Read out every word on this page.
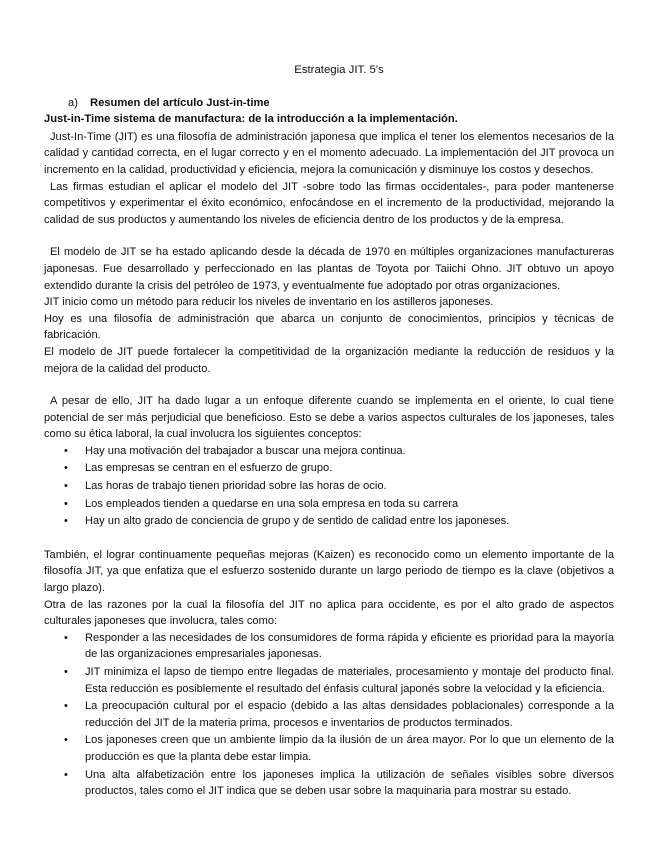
Estrategia JIT. 5's
a) Resumen del artículo Just-in-time
Just-in-Time sistema de manufactura: de la introducción a la implementación.

Just-In-Time (JIT) es una filosofía de administración japonesa que implica el tener los elementos necesarios de la calidad y cantidad correcta, en el lugar correcto y en el momento adecuado. La implementación del JIT provoca un incremento en la calidad, productividad y eficiencia, mejora la comunicación y disminuye los costos y desechos.

Las firmas estudian el aplicar el modelo del JIT -sobre todo las firmas occidentales-, para poder mantenerse competitivos y experimentar el éxito económico, enfocándose en el incremento de la productividad, mejorando la calidad de sus productos y aumentando los niveles de eficiencia dentro de los productos y de la empresa.

El modelo de JIT se ha estado aplicando desde la década de 1970 en múltiples organizaciones manufactureras japonesas. Fue desarrollado y perfeccionado en las plantas de Toyota por Taiichi Ohno. JIT obtuvo un apoyo extendido durante la crisis del petróleo de 1973, y eventualmente fue adoptado por otras organizaciones.

JIT inicio como un método para reducir los niveles de inventario en los astilleros japoneses.

Hoy es una filosofía de administración que abarca un conjunto de conocimientos, principios y técnicas de fabricación.

El modelo de JIT puede fortalecer la competitividad de la organización mediante la reducción de residuos y la mejora de la calidad del producto.

A pesar de ello, JIT ha dado lugar a un enfoque diferente cuando se implementa en el oriente, lo cual tiene potencial de ser más perjudicial que beneficioso. Esto se debe a varios aspectos culturales de los japoneses, tales como su ética laboral, la cual involucra los siguientes conceptos:

• Hay una motivación del trabajador a buscar una mejora continua.
• Las empresas se centran en el esfuerzo de grupo.
• Las horas de trabajo tienen prioridad sobre las horas de ocio.
• Los empleados tienden a quedarse en una sola empresa en toda su carrera
• Hay un alto grado de conciencia de grupo y de sentido de calidad entre los japoneses.

También, el lograr continuamente pequeñas mejoras (Kaizen) es reconocido como un elemento importante de la filosofía JIT, ya que enfatiza que el esfuerzo sostenido durante un largo periodo de tiempo es la clave (objetivos a largo plazo).

Otra de las razones por la cual la filosofía del JIT no aplica para occidente, es por el alto grado de aspectos culturales japoneses que involucra, tales como:

• Responder a las necesidades de los consumidores de forma rápida y eficiente es prioridad para la mayoría de las organizaciones empresariales japonesas.
• JIT minimiza el lapso de tiempo entre llegadas de materiales, procesamiento y montaje del producto final. Esta reducción es posiblemente el resultado del énfasis cultural japonés sobre la velocidad y la eficiencia.
• La preocupación cultural por el espacio (debido a las altas densidades poblacionales) corresponde a la reducción del JIT de la materia prima, procesos e inventarios de productos terminados.
• Los japoneses creen que un ambiente limpio da la ilusión de un área mayor. Por lo que un elemento de la producción es que la planta debe estar limpia.
• Una alta alfabetización entre los japoneses implica la utilización de señales visibles sobre diversos productos, tales como el JIT indica que se deben usar sobre la maquinaria para mostrar su estado.
